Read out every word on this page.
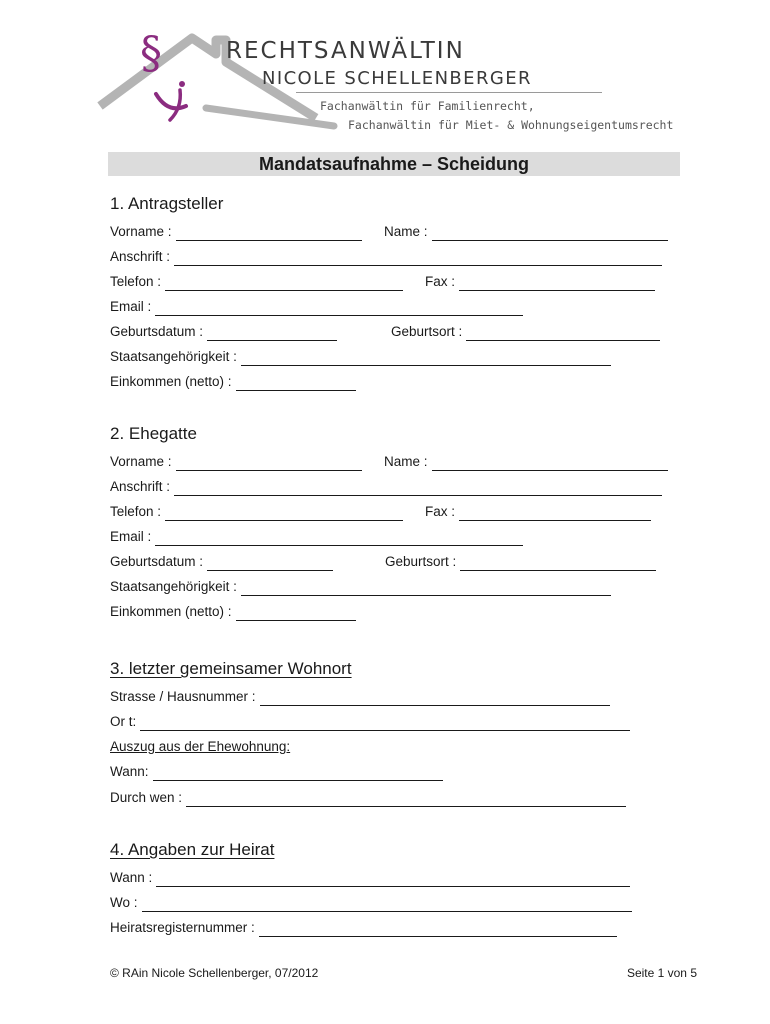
§	RECHTSANWÄLTIN
NICOLE SCHELLENBERGER
Fachanwältin für Familienrecht,
Fachanwältin für Miet- & Wohnungseigentumsrecht
Mandatsaufnahme – Scheidung
1. Antragsteller
Vorname :	Name :
Anschrift :
Telefon :	Fax :
Email :
Geburtsdatum :	Geburtsort :
Staatsangehörigkeit :
Einkommen (netto) :
2. Ehegatte
Vorname :	Name :
Anschrift :
Telefon :	Fax :
Email :
Geburtsdatum :	Geburtsort :
Staatsangehörigkeit :
Einkommen (netto) :
3. letzter gemeinsamer Wohnort
Strasse / Hausnummer :
Or t:
Auszug aus der Ehewohnung:
Wann:
Durch wen :
4. Angaben zur Heirat
Wann :
Wo :
Heiratsregisternummer :
© RAin Nicole Schellenberger, 07/2012	Seite 1 von 5
